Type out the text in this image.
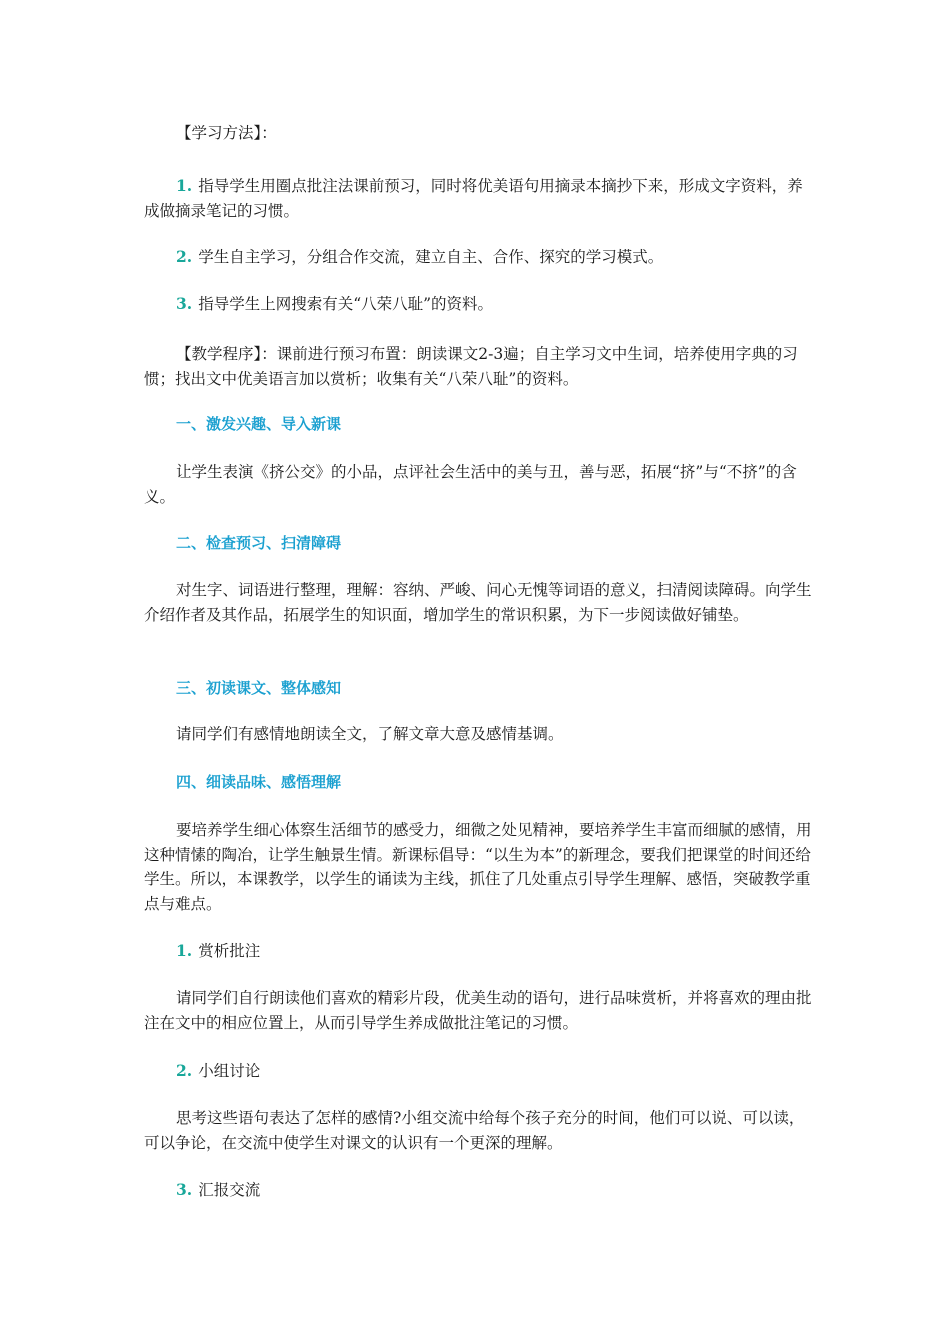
【学习方法】：
1. 指导学生用圈点批注法课前预习，同时将优美语句用摘录本摘抄下来，形成文字资料，养成做摘录笔记的习惯。
2. 学生自主学习，分组合作交流，建立自主、合作、探究的学习模式。
3. 指导学生上网搜索有关“八荣八耻”的资料。
【教学程序】：课前进行预习布置：朗读课文2-3遍；自主学习文中生词，培养使用字典的习惯；找出文中优美语言加以赏析；收集有关“八荣八耻”的资料。
一、激发兴趣、导入新课
让学生表演《挤公交》的小品，点评社会生活中的美与丑，善与恶，拓展“挤”与“不挤”的含义。
二、检查预习、扫清障碍
对生字、词语进行整理，理解：容纳、严峻、问心无愧等词语的意义，扫清阅读障碍。向学生介绍作者及其作品，拓展学生的知识面，增加学生的常识积累，为下一步阅读做好铺垫。
三、初读课文、整体感知
请同学们有感情地朗读全文，了解文章大意及感情基调。
四、细读品味、感悟理解
要培养学生细心体察生活细节的感受力，细微之处见精神，要培养学生丰富而细腻的感情，用这种情愫的陶冶，让学生触景生情。新课标倡导：“以生为本”的新理念，要我们把课堂的时间还给学生。所以，本课教学，以学生的诵读为主线，抓住了几处重点引导学生理解、感悟，突破教学重点与难点。
1. 赏析批注
请同学们自行朗读他们喜欢的精彩片段，优美生动的语句，进行品味赏析，并将喜欢的理由批注在文中的相应位置上，从而引导学生养成做批注笔记的习惯。
2. 小组讨论
思考这些语句表达了怎样的感情?小组交流中给每个孩子充分的时间，他们可以说、可以读，可以争论，在交流中使学生对课文的认识有一个更深的理解。
3. 汇报交流
